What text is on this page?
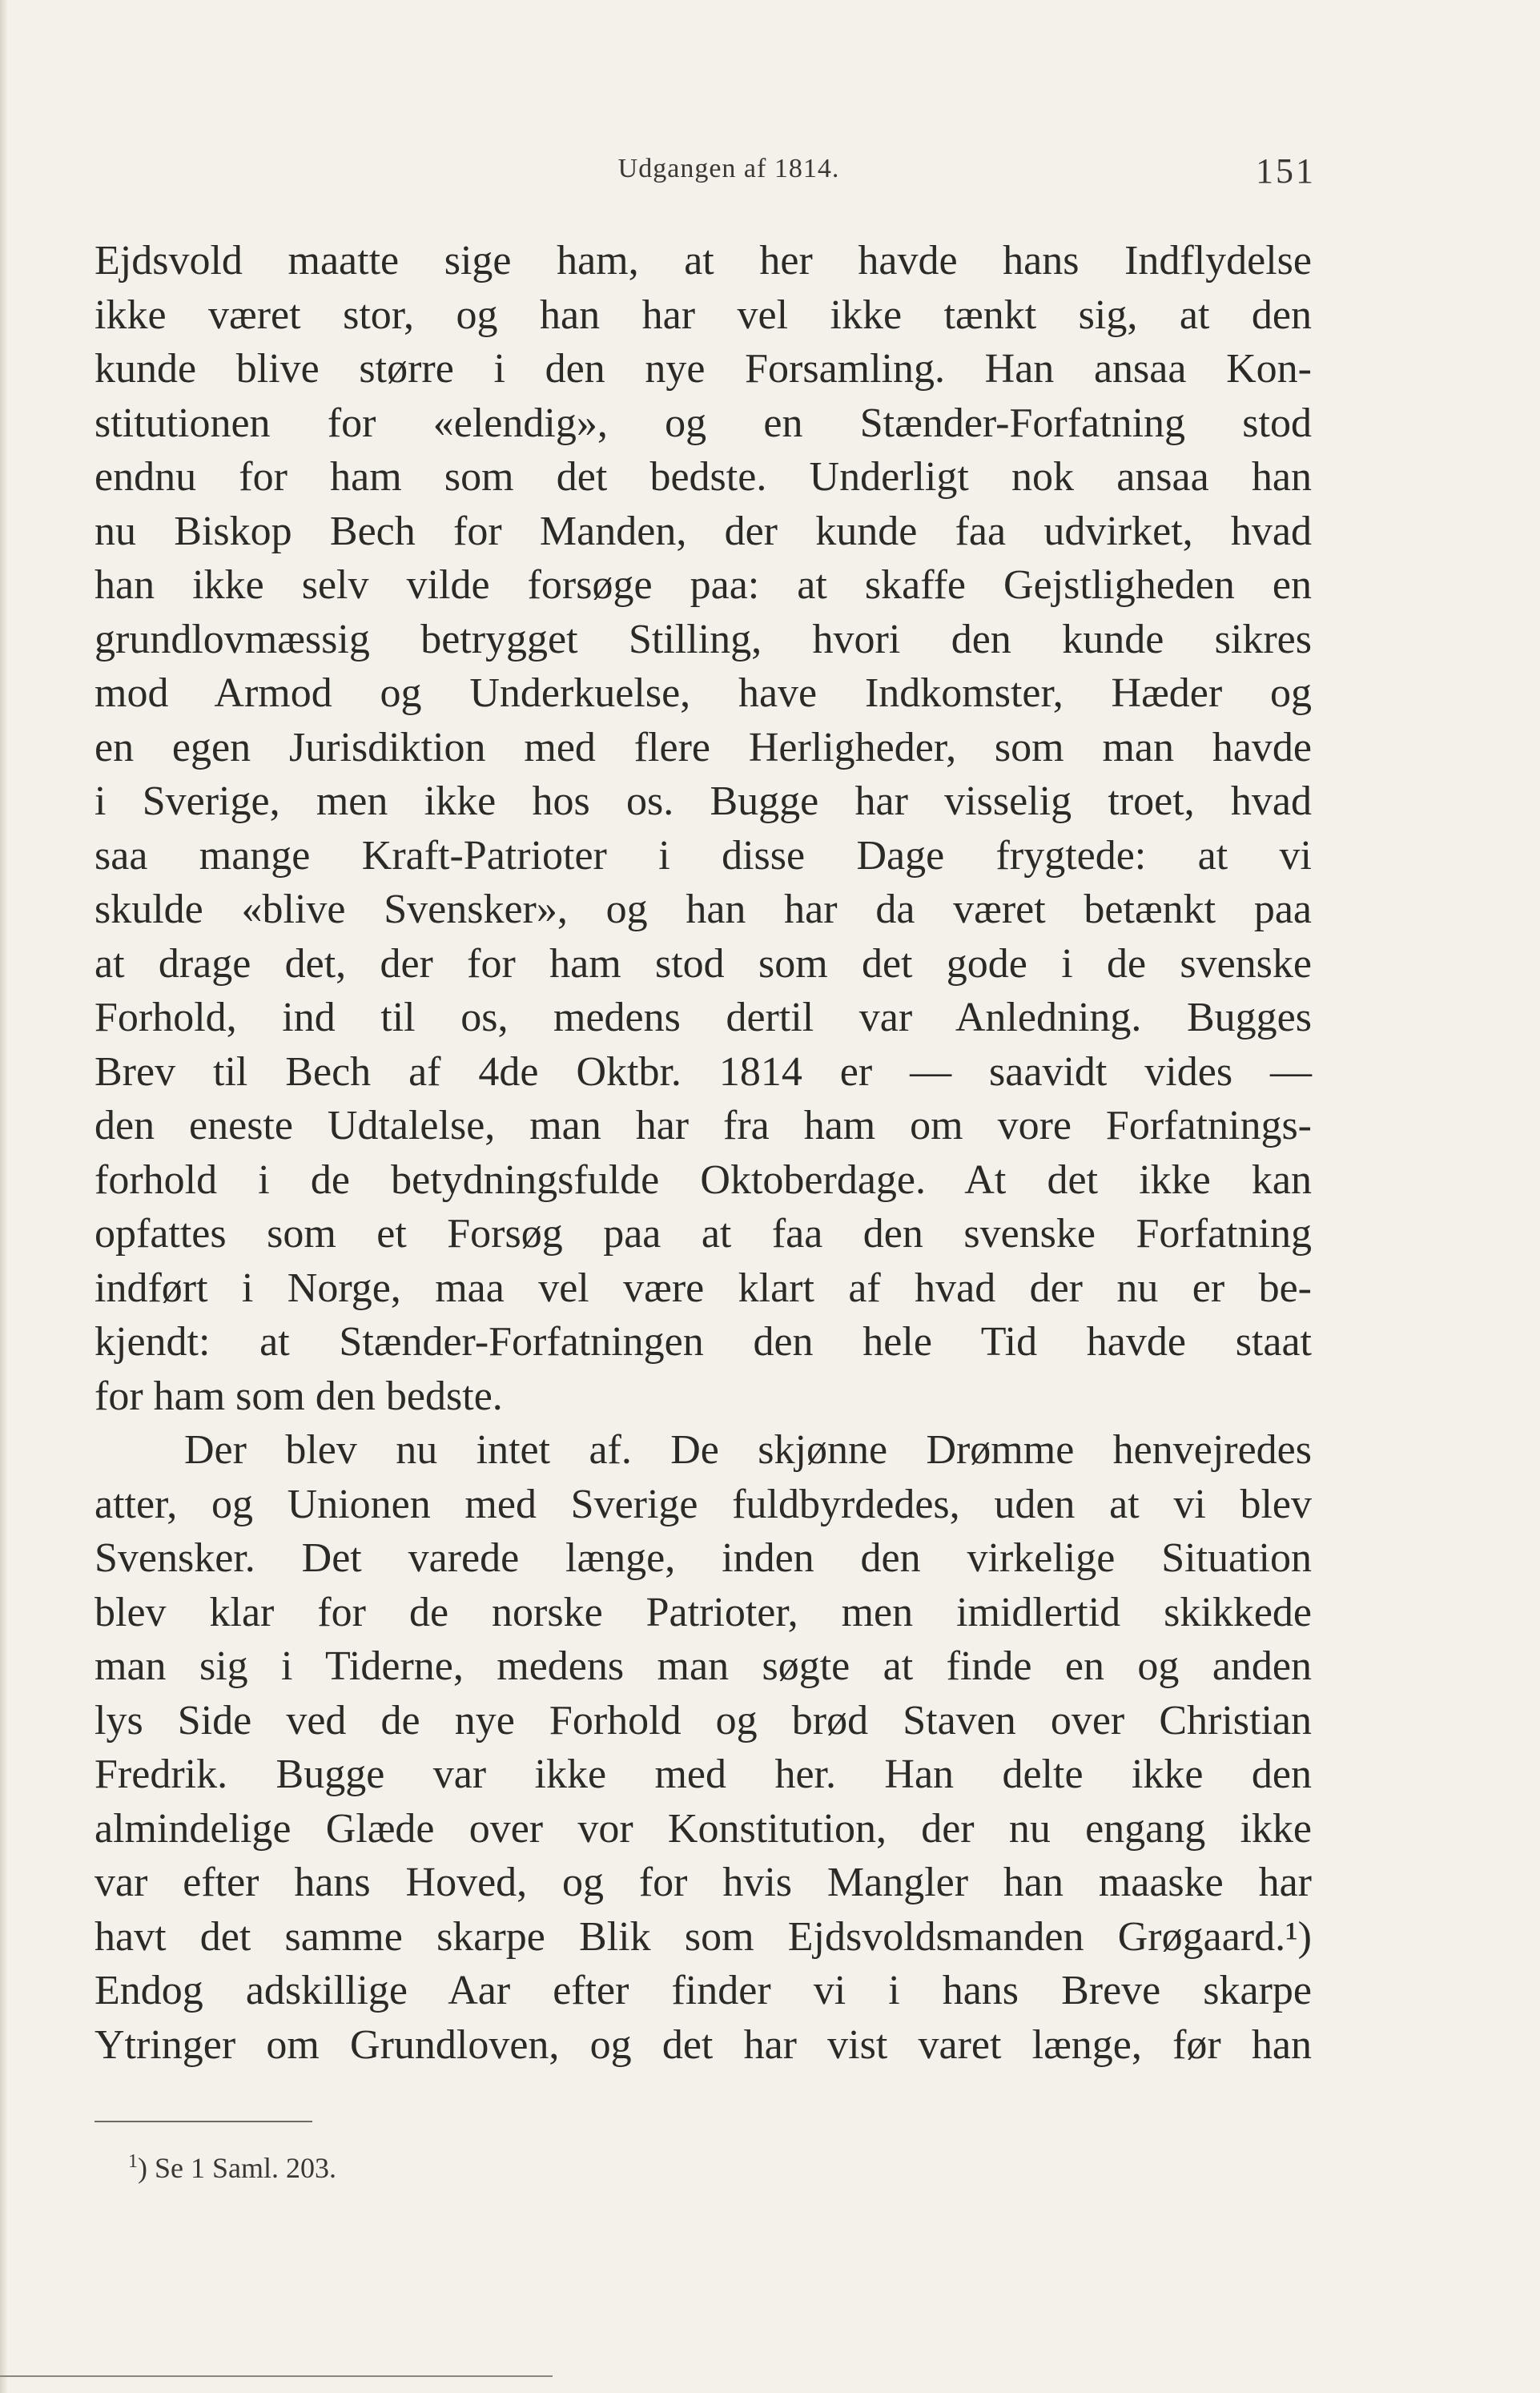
Udgangen af 1814.	151
Ejdsvold maatte sige ham, at her havde hans Indflydelse
ikke været stor, og han har vel ikke tænkt sig, at den
kunde blive større i den nye Forsamling. Han ansaa Kon-
stitutionen for «elendig», og en Stænder-Forfatning stod
endnu for ham som det bedste. Underligt nok ansaa han
nu Biskop Bech for Manden, der kunde faa udvirket, hvad
han ikke selv vilde forsøge paa: at skaffe Gejstligheden en
grundlovmæssig betrygget Stilling, hvori den kunde sikres
mod Armod og Underkuelse, have Indkomster, Hæder og
en egen Jurisdiktion med flere Herligheder, som man havde
i Sverige, men ikke hos os. Bugge har visselig troet, hvad
saa mange Kraft-Patrioter i disse Dage frygtede: at vi
skulde «blive Svensker», og han har da været betænkt paa
at drage det, der for ham stod som det gode i de svenske
Forhold, ind til os, medens dertil var Anledning. Bugges
Brev til Bech af 4de Oktbr. 1814 er — saavidt vides —
den eneste Udtalelse, man har fra ham om vore Forfatnings-
forhold i de betydningsfulde Oktoberdage. At det ikke kan
opfattes som et Forsøg paa at faa den svenske Forfatning
indført i Norge, maa vel være klart af hvad der nu er be-
kjendt: at Stænder-Forfatningen den hele Tid havde staat
for ham som den bedste.
Der blev nu intet af. De skjønne Drømme henvejredes
atter, og Unionen med Sverige fuldbyrdedes, uden at vi blev
Svensker. Det varede længe, inden den virkelige Situation
blev klar for de norske Patrioter, men imidlertid skikkede
man sig i Tiderne, medens man søgte at finde en og anden
lys Side ved de nye Forhold og brød Staven over Christian
Fredrik. Bugge var ikke med her. Han delte ikke den
almindelige Glæde over vor Konstitution, der nu engang ikke
var efter hans Hoved, og for hvis Mangler han maaske har
havt det samme skarpe Blik som Ejdsvoldsmanden Grøgaard.¹)
Endog adskillige Aar efter finder vi i hans Breve skarpe
Ytringer om Grundloven, og det har vist varet længe, før han
$^1$) Se 1 Saml. 203.
